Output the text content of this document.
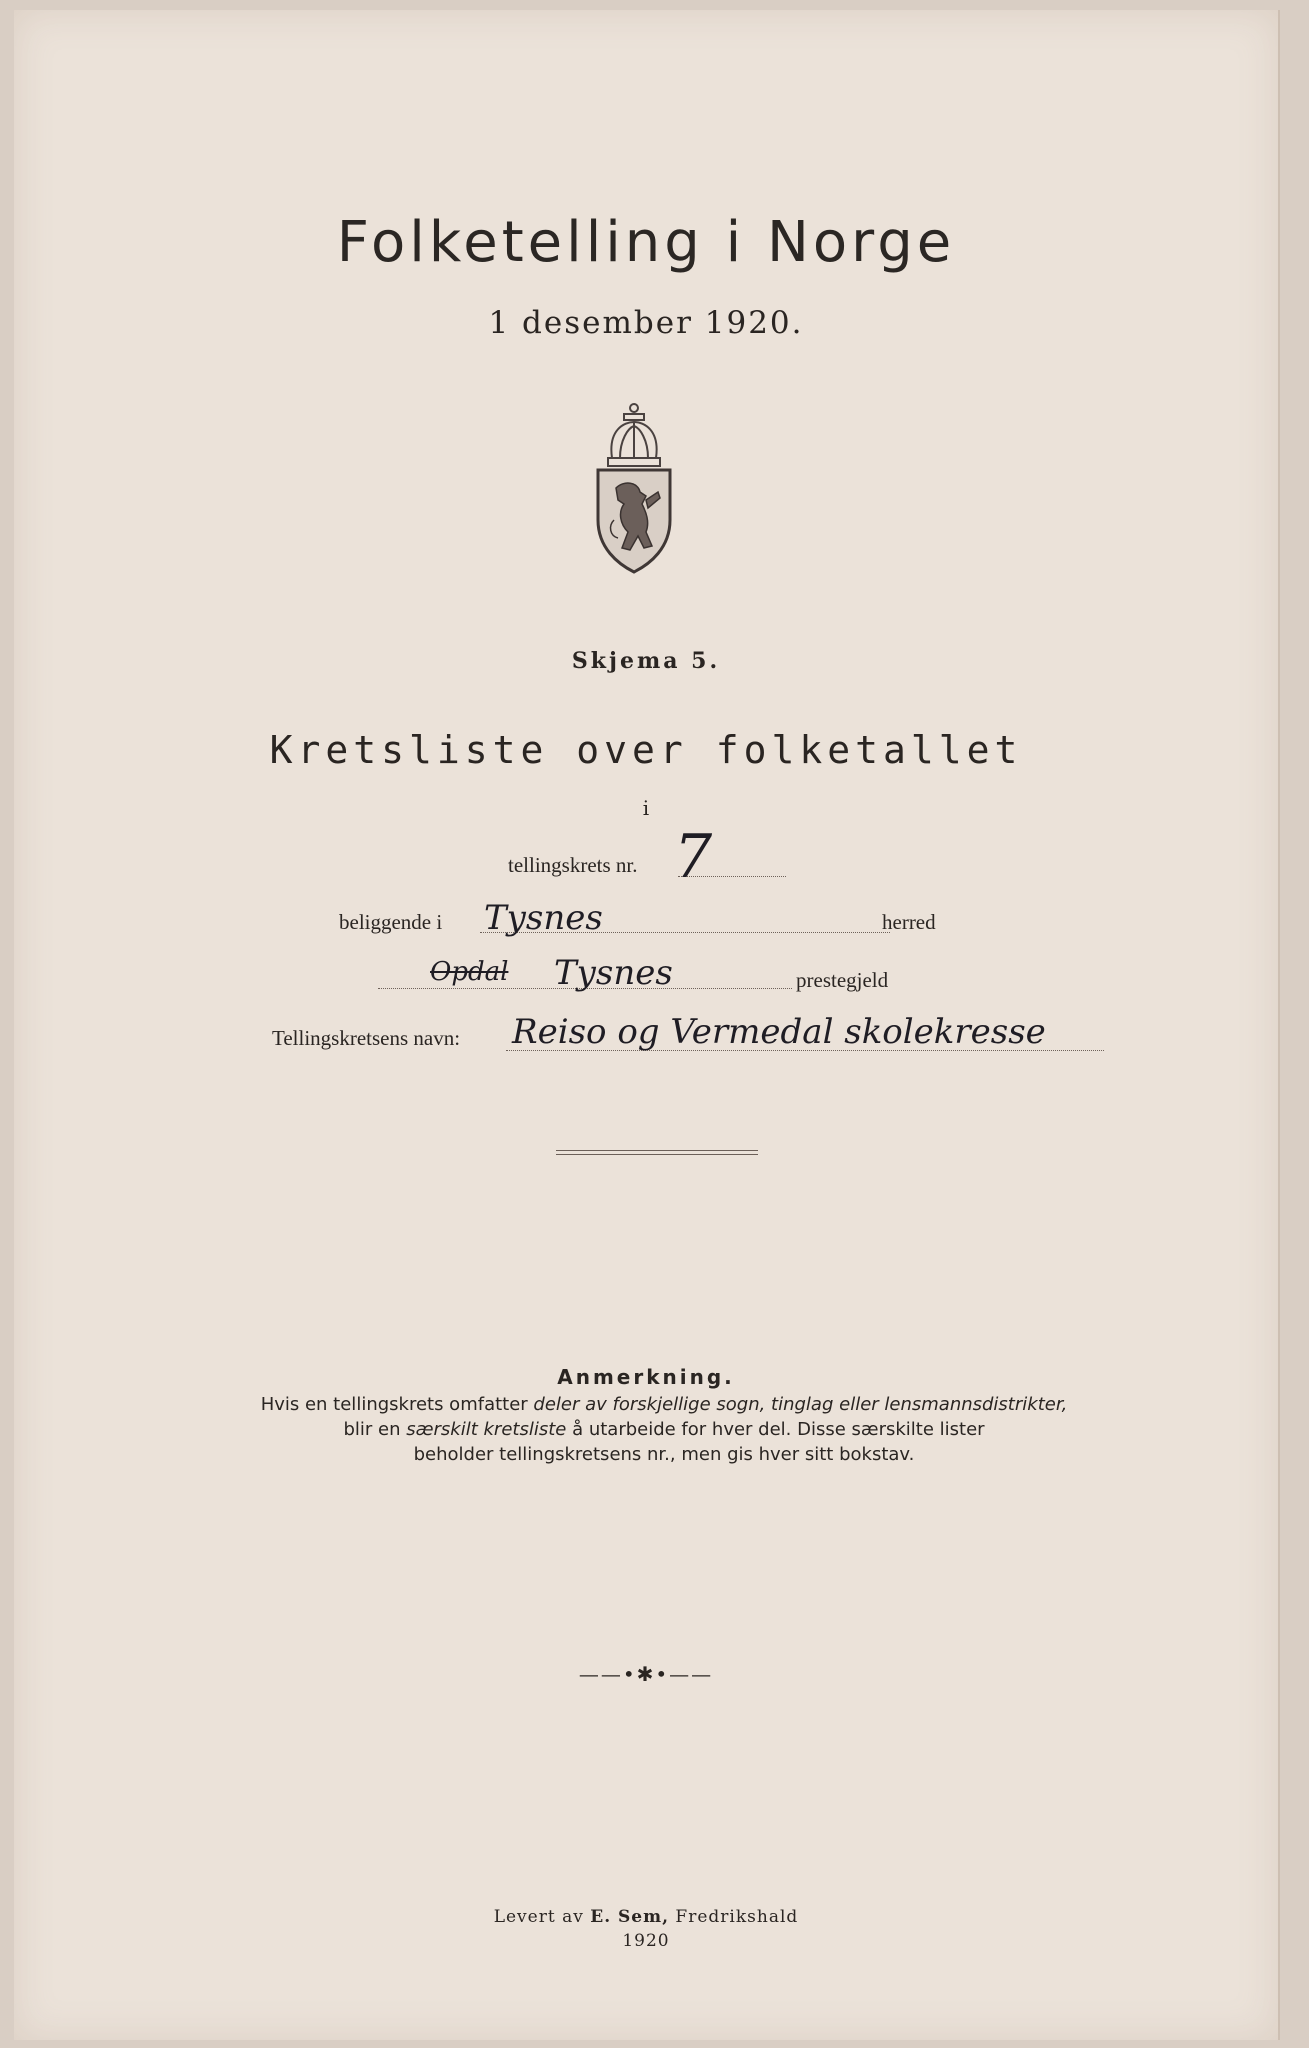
Folketelling i Norge
1 desember 1920.
Skjema 5.
Kretsliste over folketallet
i
tellingskrets nr. 7
beliggende i Tysnes	herred
Opdal Tysnes	prestegjeld
Tellingskretsens navn: Reiso og Vermedal skolekresse
Anmerkning.
Hvis en tellingskrets omfatter deler av forskjellige sogn, tinglag eller lensmannsdistrikter,
blir en særskilt kretsliste å utarbeide for hver del. Disse særskilte lister
beholder tellingskretsens nr., men gis hver sitt bokstav.
——•✱•——
Levert av E. Sem, Fredrikshald
1920
